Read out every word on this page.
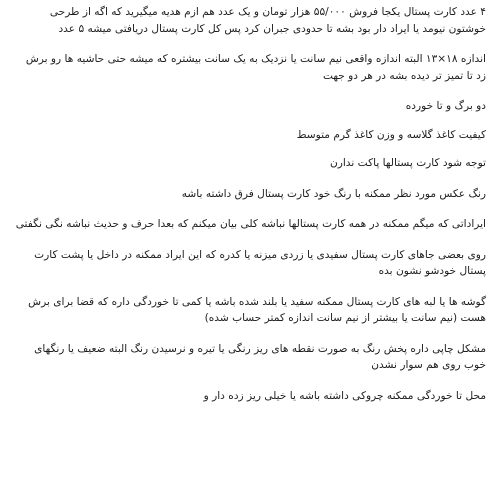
۴ عدد کارت پستال یکجا فروش ۵۵/۰۰۰ هزار تومان و یک عدد هم ازم هدیه میگیرید که اگه از طرحی خوشتون نیومد یا ایراد دار بود بشه تا حدودی جبران کرد پس کل کارت پستال دریافتی میشه ۵ عدد

اندازه ۱۸×۱۳ البته اندازه واقعی نیم سانت یا نزدیک به یک سانت بیشتره که میشه حتی حاشیه ها رو برش زد تا تمیز تر دیده بشه در هر دو جهت

دو برگ و تا خورده

کیفیت کاغذ گلاسه و وزن کاغذ گرم متوسط

توجه شود کارت پستالها پاکت ندارن

رنگ عکس مورد نظر ممکنه با رنگ خود کارت پستال فرق داشته باشه

ایراداتی که میگم ممکنه در همه کارت پستالها نباشه کلی بیان میکنم که بعدا حرف و حدیث نباشه نگی نگفتی

روی بعضی جاهای کارت پستال سفیدی یا زردی میزنه یا کدره که این ایراد ممکنه در داخل یا پشت کارت پستال خودشو نشون بده

گوشه ها یا لبه های کارت پستال ممکنه سفید یا بلند شده باشه یا کمی تا خوردگی داره که قضا برای برش هست (نیم سانت یا بیشتر از نیم سانت اندازه کمتر حساب شده)

مشکل چاپی داره پخش رنگ به صورت نقطه های ریز رنگی یا تیره و نرسیدن رنگ البته ضعیف یا رنگهای خوب روی هم سوار نشدن

محل تا خوردگی ممکنه چروکی داشته باشه یا خیلی ریز زده دار و
